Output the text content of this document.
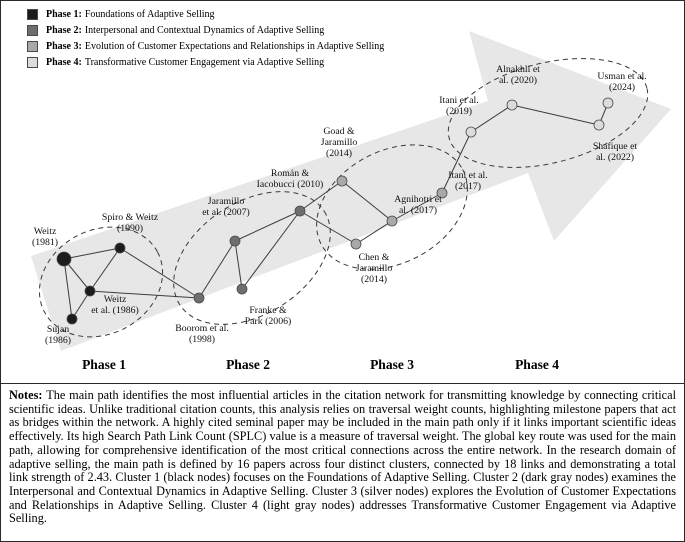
Weitz (1981)
Spiro & Weitz (1990)
Weitz et al. (1986)
Sujan (1986)
Boorom et al. (1998)
Jaramillo et al. (2007)
Franke & Park (2006)
Román & Iacobucci (2010)
Goad & Jaramillo (2014)
Chen & Jaramillo (2014)
Agnihotri et al. (2017)
Itani et al. (2017)
Itani et al. (2019)
Alnakhli et al. (2020)	Usman et al. (2024)
Shafique et al. (2022)
Phase 1	Phase 2	Phase 3	Phase 4
Phase 1: Foundations of Adaptive Selling
Phase 2: Interpersonal and Contextual Dynamics of Adaptive Selling
Phase 3: Evolution of Customer Expectations and Relationships in Adaptive Selling
Phase 4: Transformative Customer Engagement via Adaptive Selling
Notes: The main path identifies the most influential articles in the citation network for transmitting knowledge by connecting critical scientific ideas. Unlike traditional citation counts, this analysis relies on traversal weight counts, highlighting milestone papers that act as bridges within the network. A highly cited seminal paper may be included in the main path only if it links important scientific ideas effectively. Its high Search Path Link Count (SPLC) value is a measure of traversal weight. The global key route was used for the main path, allowing for comprehensive identification of the most critical connections across the entire network. In the research domain of adaptive selling, the main path is defined by 16 papers across four distinct clusters, connected by 18 links and demonstrating a total link strength of 2.43. Cluster 1 (black nodes) focuses on the Foundations of Adaptive Selling. Cluster 2 (dark gray nodes) examines the Interpersonal and Contextual Dynamics in Adaptive Selling. Cluster 3 (silver nodes) explores the Evolution of Customer Expectations and Relationships in Adaptive Selling. Cluster 4 (light gray nodes) addresses Transformative Customer Engagement via Adaptive Selling.
